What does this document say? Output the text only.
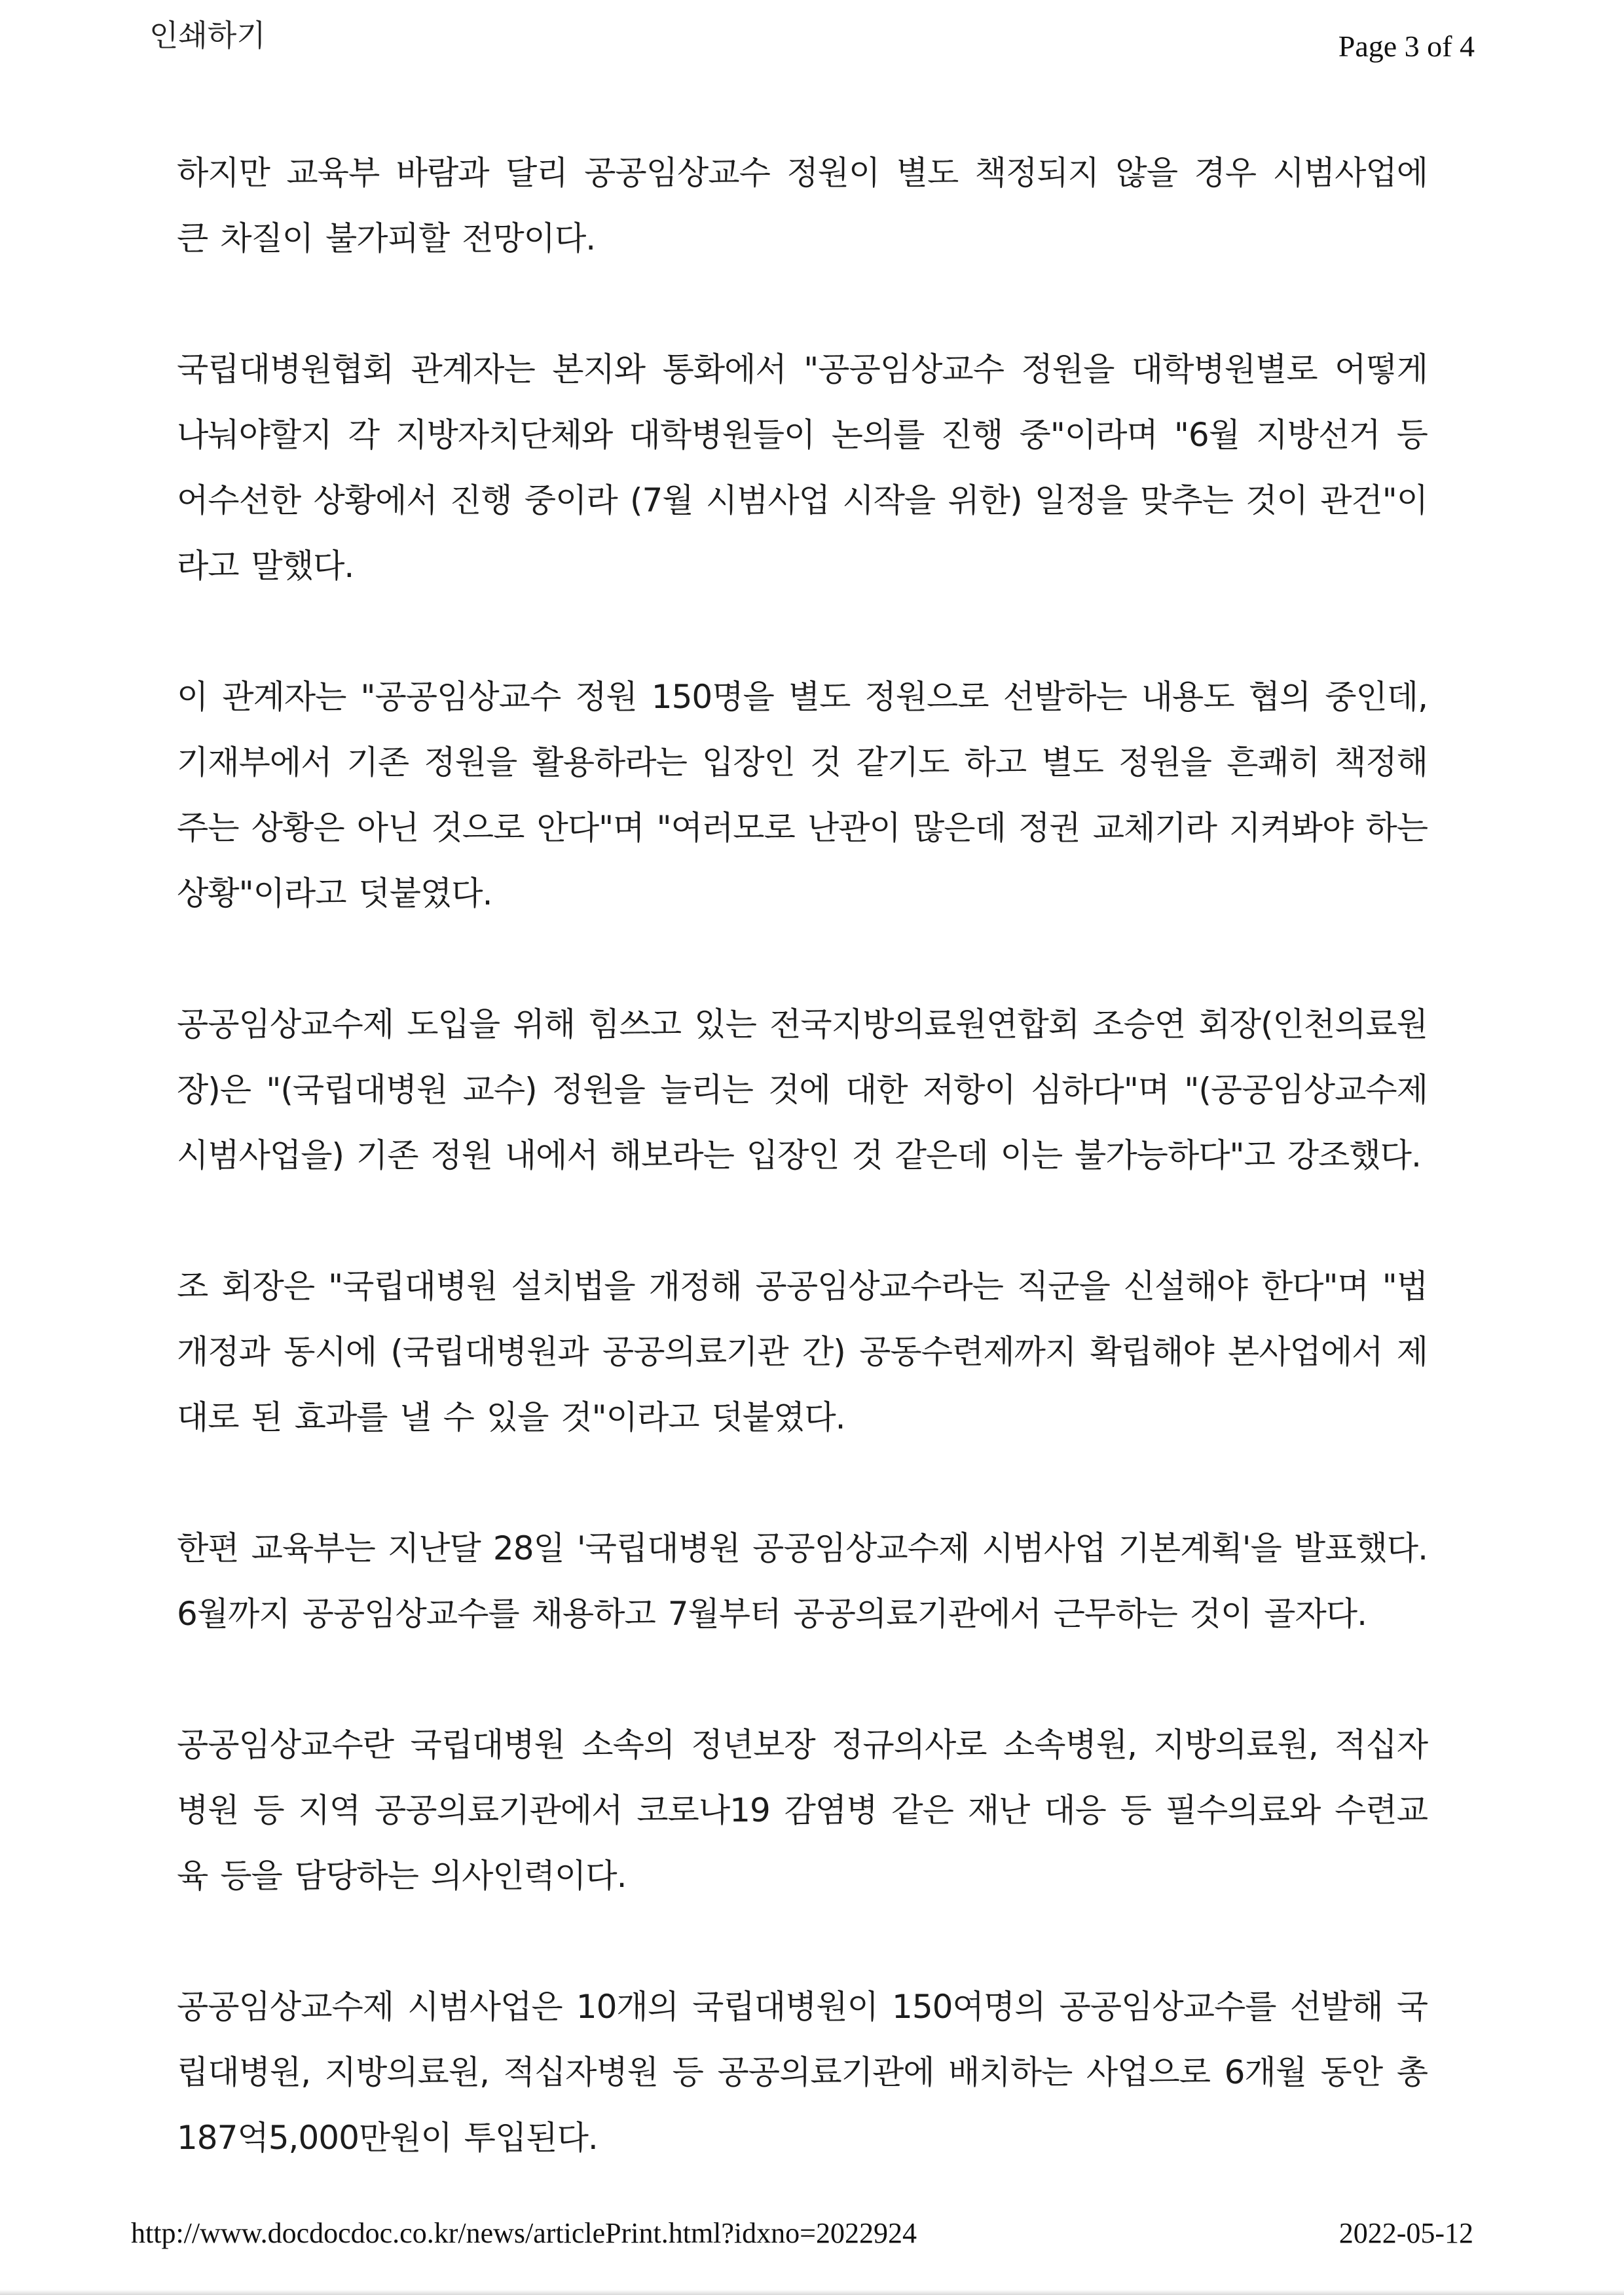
인쇄하기	Page 3 of 4

하지만 교육부 바람과 달리 공공임상교수 정원이 별도 책정되지 않을 경우 시범사업에 큰 차질이 불가피할 전망이다.

국립대병원협회 관계자는 본지와 통화에서 "공공임상교수 정원을 대학병원별로 어떻게 나눠야할지 각 지방자치단체와 대학병원들이 논의를 진행 중"이라며 "6월 지방선거 등 어수선한 상황에서 진행 중이라 (7월 시범사업 시작을 위한) 일정을 맞추는 것이 관건"이라고 말했다.

이 관계자는 "공공임상교수 정원 150명을 별도 정원으로 선발하는 내용도 협의 중인데, 기재부에서 기존 정원을 활용하라는 입장인 것 같기도 하고 별도 정원을 흔쾌히 책정해주는 상황은 아닌 것으로 안다"며 "여러모로 난관이 많은데 정권 교체기라 지켜봐야 하는 상황"이라고 덧붙였다.

공공임상교수제 도입을 위해 힘쓰고 있는 전국지방의료원연합회 조승연 회장(인천의료원장)은 "(국립대병원 교수) 정원을 늘리는 것에 대한 저항이 심하다"며 "(공공임상교수제 시범사업을) 기존 정원 내에서 해보라는 입장인 것 같은데 이는 불가능하다"고 강조했다.

조 회장은 "국립대병원 설치법을 개정해 공공임상교수라는 직군을 신설해야 한다"며 "법 개정과 동시에 (국립대병원과 공공의료기관 간) 공동수련제까지 확립해야 본사업에서 제대로 된 효과를 낼 수 있을 것"이라고 덧붙였다.

한편 교육부는 지난달 28일 '국립대병원 공공임상교수제 시범사업 기본계획'을 발표했다. 6월까지 공공임상교수를 채용하고 7월부터 공공의료기관에서 근무하는 것이 골자다.

공공임상교수란 국립대병원 소속의 정년보장 정규의사로 소속병원, 지방의료원, 적십자병원 등 지역 공공의료기관에서 코로나19 감염병 같은 재난 대응 등 필수의료와 수련교육 등을 담당하는 의사인력이다.

공공임상교수제 시범사업은 10개의 국립대병원이 150여명의 공공임상교수를 선발해 국립대병원, 지방의료원, 적십자병원 등 공공의료기관에 배치하는 사업으로 6개월 동안 총 187억5,000만원이 투입된다.

http://www.docdocdoc.co.kr/news/articlePrint.html?idxno=2022924	2022-05-12
